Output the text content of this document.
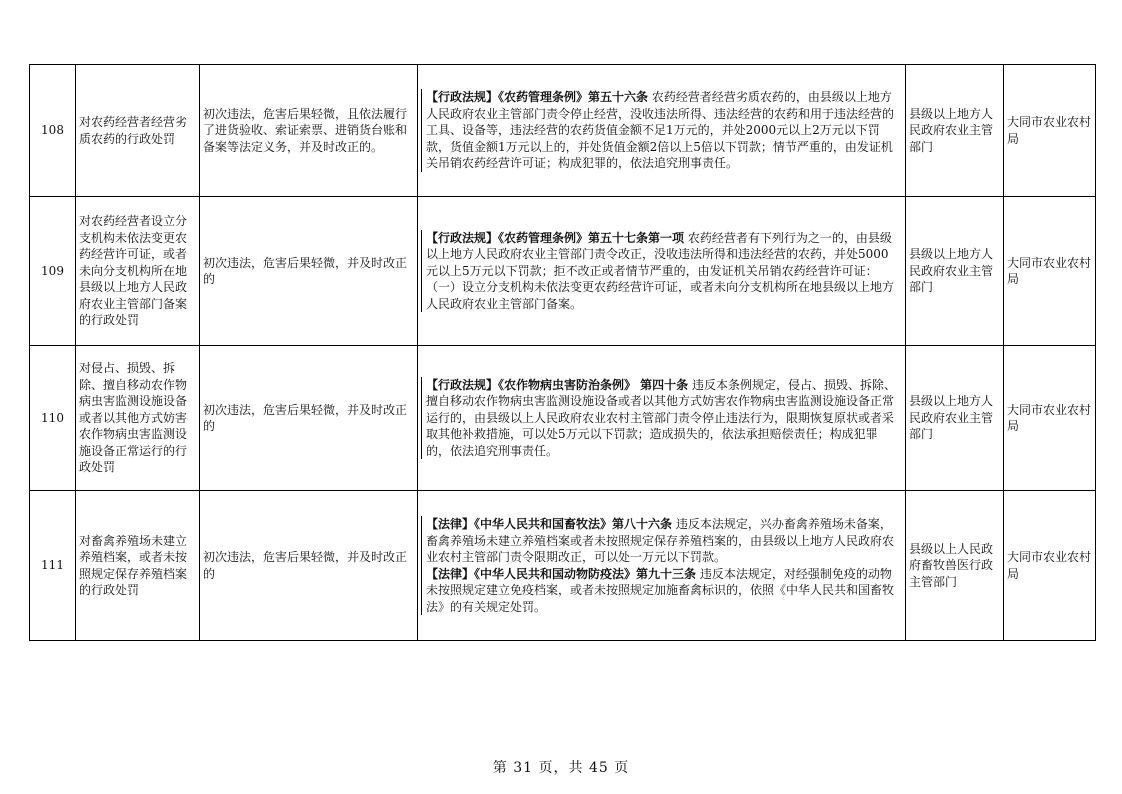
108	对农药经营者经营劣质农药的行政处罚	初次违法，危害后果轻微，且依法履行了进货验收、索证索票、进销货台账和备案等法定义务，并及时改正的。	【行政法规】《农药管理条例》第五十六条 农药经营者经营劣质农药的，由县级以上地方人民政府农业主管部门责令停止经营，没收违法所得、违法经营的农药和用于违法经营的工具、设备等，违法经营的农药货值金额不足1万元的，并处2000元以上2万元以下罚款，货值金额1万元以上的，并处货值金额2倍以上5倍以下罚款；情节严重的，由发证机关吊销农药经营许可证；构成犯罪的，依法追究刑事责任。	县级以上地方人民政府农业主管部门	大同市农业农村局
109	对农药经营者设立分支机构未依法变更农药经营许可证，或者未向分支机构所在地县级以上地方人民政府农业主管部门备案的行政处罚	初次违法，危害后果轻微，并及时改正的	【行政法规】《农药管理条例》第五十七条第一项 农药经营者有下列行为之一的，由县级以上地方人民政府农业主管部门责令改正，没收违法所得和违法经营的农药，并处5000元以上5万元以下罚款；拒不改正或者情节严重的，由发证机关吊销农药经营许可证：（一）设立分支机构未依法变更农药经营许可证，或者未向分支机构所在地县级以上地方人民政府农业主管部门备案。	县级以上地方人民政府农业主管部门	大同市农业农村局
110	对侵占、损毁、拆除、擅自移动农作物病虫害监测设施设备或者以其他方式妨害农作物病虫害监测设施设备正常运行的行政处罚	初次违法，危害后果轻微，并及时改正的	【行政法规】《农作物病虫害防治条例》 第四十条 违反本条例规定，侵占、损毁、拆除、擅自移动农作物病虫害监测设施设备或者以其他方式妨害农作物病虫害监测设施设备正常运行的，由县级以上人民政府农业农村主管部门责令停止违法行为，限期恢复原状或者采取其他补救措施，可以处5万元以下罚款；造成损失的，依法承担赔偿责任；构成犯罪的，依法追究刑事责任。	县级以上地方人民政府农业主管部门	大同市农业农村局
111	对畜禽养殖场未建立养殖档案，或者未按照规定保存养殖档案的行政处罚	初次违法，危害后果轻微，并及时改正的	【法律】《中华人民共和国畜牧法》第八十六条 违反本法规定，兴办畜禽养殖场未备案，畜禽养殖场未建立养殖档案或者未按照规定保存养殖档案的，由县级以上地方人民政府农业农村主管部门责令限期改正，可以处一万元以下罚款。
【法律】《中华人民共和国动物防疫法》第九十三条 违反本法规定，对经强制免疫的动物未按照规定建立免疫档案，或者未按照规定加施畜禽标识的，依照《中华人民共和国畜牧法》的有关规定处罚。	县级以上人民政府畜牧兽医行政主管部门	大同市农业农村局
第 31 页，共 45 页
